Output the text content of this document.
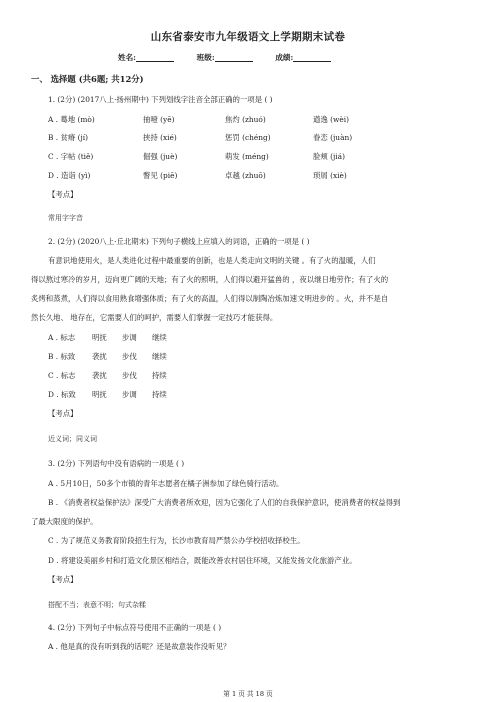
山东省泰安市九年级语文上学期期末试卷
姓名:	班级:	成绩:
一、 选择题 (共6题; 共12分)
1. (2分) (2017八上·扬州期中) 下列划线字注音全部正确的一项是 ( )
A . 蓦地 (mò)	抽噎 (yē)	焦灼 (zhuó)	遒逸 (wèi)
B . 贫瘠 (jí)	挟持 (xié)	惩罚 (chéng)	眷恋 (juàn)
C . 字帖 (tiě)	倔强 (juè)	萌发 (méng)	脸颊 (jiá)
D . 造诣 (yì)	瞥见 (piē)	卓越 (zhuō)	琐屑 (xiè)
【考点】
常用字字音
2. (2分) (2020八上·丘北期末) 下列句子横线上应填入的词语，正确的一项是 ( )
有意识地使用火，是人类进化过程中最重要的创新，也是人类走向文明的关键 。有了火的温暖，人们
得以熬过寒冷的岁月，迈向更广阔的天地；有了火的照明，人们得以避开猛兽的 ，夜以继日地劳作；有了火的
炙烤和蒸煮，人们得以食用熟食增强体质；有了火的高温，人们得以制陶冶炼加速文明进步的 。火，并不是自
然长久地、 地存在，它需要人们的呵护，需要人们掌握一定技巧才能获得。
A . 标志 明抚 步调 继续
B . 标致 袭扰 步伐 继续
C . 标志 袭扰 步伐 持续
D . 标致 明抚 步调 持续
【考点】
近义词；同义词
3. (2分) 下列语句中没有语病的一项是 ( )
A . 5月10日，50多个市镇的青年志愿者在橘子洲参加了绿色骑行活动。
B . 《消费者权益保护法》深受广大消费者所欢迎，因为它强化了人们的自我保护意识，使消费者的权益得到
了最大限度的保护。
C . 为了规范义务教育阶段招生行为，长沙市教育局严禁公办学校招收择校生。
D . 将建设美丽乡村和打造文化景区相结合，既能改善农村居住环境，又能发扬文化旅游产业。
【考点】
搭配不当；表意不明；句式杂糅
4. (2分) 下列句子中标点符号使用不正确的一项是 ( )
A . 他是真的没有听到我的话呢？还是故意装作没听见？
第 1 页 共 18 页
